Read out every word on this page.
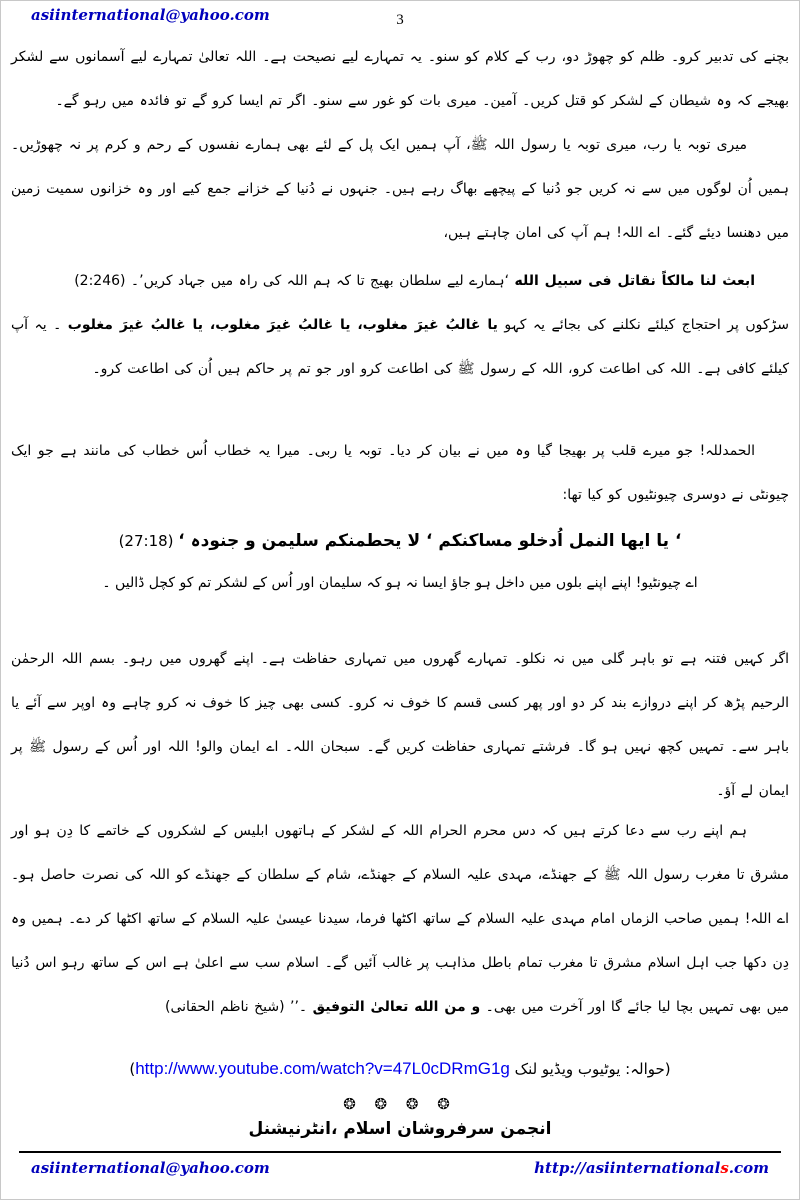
asiinternational@yahoo.com	3
بچنے کی تدبیر کرو۔ ظلم کو چھوڑ دو، رب کے کلام کو سنو۔ یہ تمہارے لیے نصیحت ہے۔ اللہ تعالیٰ تمہارے لیے آسمانوں سے لشکر بھیجے کہ وہ شیطان کے لشکر کو قتل کریں۔ آمین۔ میری بات کو غور سے سنو۔ اگر تم ایسا کرو گے تو فائدہ میں رہو گے۔
میری توبہ یا رب، میری توبہ یا رسول اللہ ﷺ، آپ ہمیں ایک پل کے لئے بھی ہمارے نفسوں کے رحم و کرم پر نہ چھوڑیں۔ ہمیں اُن لوگوں میں سے نہ کریں جو دُنیا کے پیچھے بھاگ رہے ہیں۔ جنہوں نے دُنیا کے خزانے جمع کیے اور وہ خزانوں سمیت زمین میں دھنسا دیئے گئے۔ اے اللہ! ہم آپ کی امان چاہتے ہیں،
ابعث لنا مالکاً نقاتل فی سبیل الله ‘ہمارے لیے سلطان بھیج تا کہ ہم اللہ کی راہ میں جہاد کریں’۔ (2:246)
سڑکوں پر احتجاج کیلئے نکلنے کی بجائے یہ کہو یا غالبُ غیرَ مغلوب، یا غالبُ غیرَ مغلوب، یا غالبُ غیرَ مغلوب ۔ یہ آپ کیلئے کافی ہے۔ اللہ کی اطاعت کرو، اللہ کے رسول ﷺ کی اطاعت کرو اور جو تم پر حاکم ہیں اُن کی اطاعت کرو۔
الحمدللہ! جو میرے قلب پر بھیجا گیا وہ میں نے بیان کر دیا۔ توبہ یا ربی۔ میرا یہ خطاب اُس خطاب کی مانند ہے جو ایک چیونٹی نے دوسری چیونٹیوں کو کیا تھا:
‘ یا ایھا النمل اُدخلو مساکنکم ‘ لا یحطمنکم سلیمن و جنودہ ‘ (27:18)
اے چیونٹیو! اپنے اپنے بلوں میں داخل ہو جاؤ ایسا نہ ہو کہ سلیمان اور اُس کے لشکر تم کو کچل ڈالیں ۔
اگر کہیں فتنہ ہے تو باہر گلی میں نہ نکلو۔ تمہارے گھروں میں تمہاری حفاظت ہے۔ اپنے گھروں میں رہو۔ بسم اللہ الرحمٰن الرحیم پڑھ کر اپنے دروازے بند کر دو اور پھر کسی قسم کا خوف نہ کرو۔ کسی بھی چیز کا خوف نہ کرو چاہے وہ اوپر سے آئے یا باہر سے۔ تمہیں کچھ نہیں ہو گا۔ فرشتے تمہاری حفاظت کریں گے۔ سبحان اللہ۔ اے ایمان والو! اللہ اور اُس کے رسول ﷺ پر ایمان لے آؤ۔
ہم اپنے رب سے دعا کرتے ہیں کہ دس محرم الحرام اللہ کے لشکر کے ہاتھوں ابلیس کے لشکروں کے خاتمے کا دِن ہو اور مشرق تا مغرب رسول اللہ ﷺ کے جھنڈے، مہدی علیہ السلام کے جھنڈے، شام کے سلطان کے جھنڈے کو اللہ کی نصرت حاصل ہو۔ اے اللہ! ہمیں صاحب الزماں امام مہدی علیہ السلام کے ساتھ اکٹھا فرما، سیدنا عیسیٰ علیہ السلام کے ساتھ اکٹھا کر دے۔ ہمیں وہ دِن دکھا جب اہل اسلام مشرق تا مغرب تمام باطل مذاہب پر غالب آئیں گے۔ اسلام سب سے اعلیٰ ہے اس کے ساتھ رہو اس دُنیا میں بھی تمہیں بچا لیا جائے گا اور آخرت میں بھی۔ و من الله تعالیٰ التوفیق ۔’’ (شیخ ناظم الحقانی)
(حوالہ: یوٹیوب ویڈیو لنک http://www.youtube.com/watch?v=47L0cDRmG1g)
❂ ❂ ❂ ❂
انجمن سرفروشان اسلام ،انٹرنیشنل
asiinternational@yahoo.com	http://asiinternationals.com
